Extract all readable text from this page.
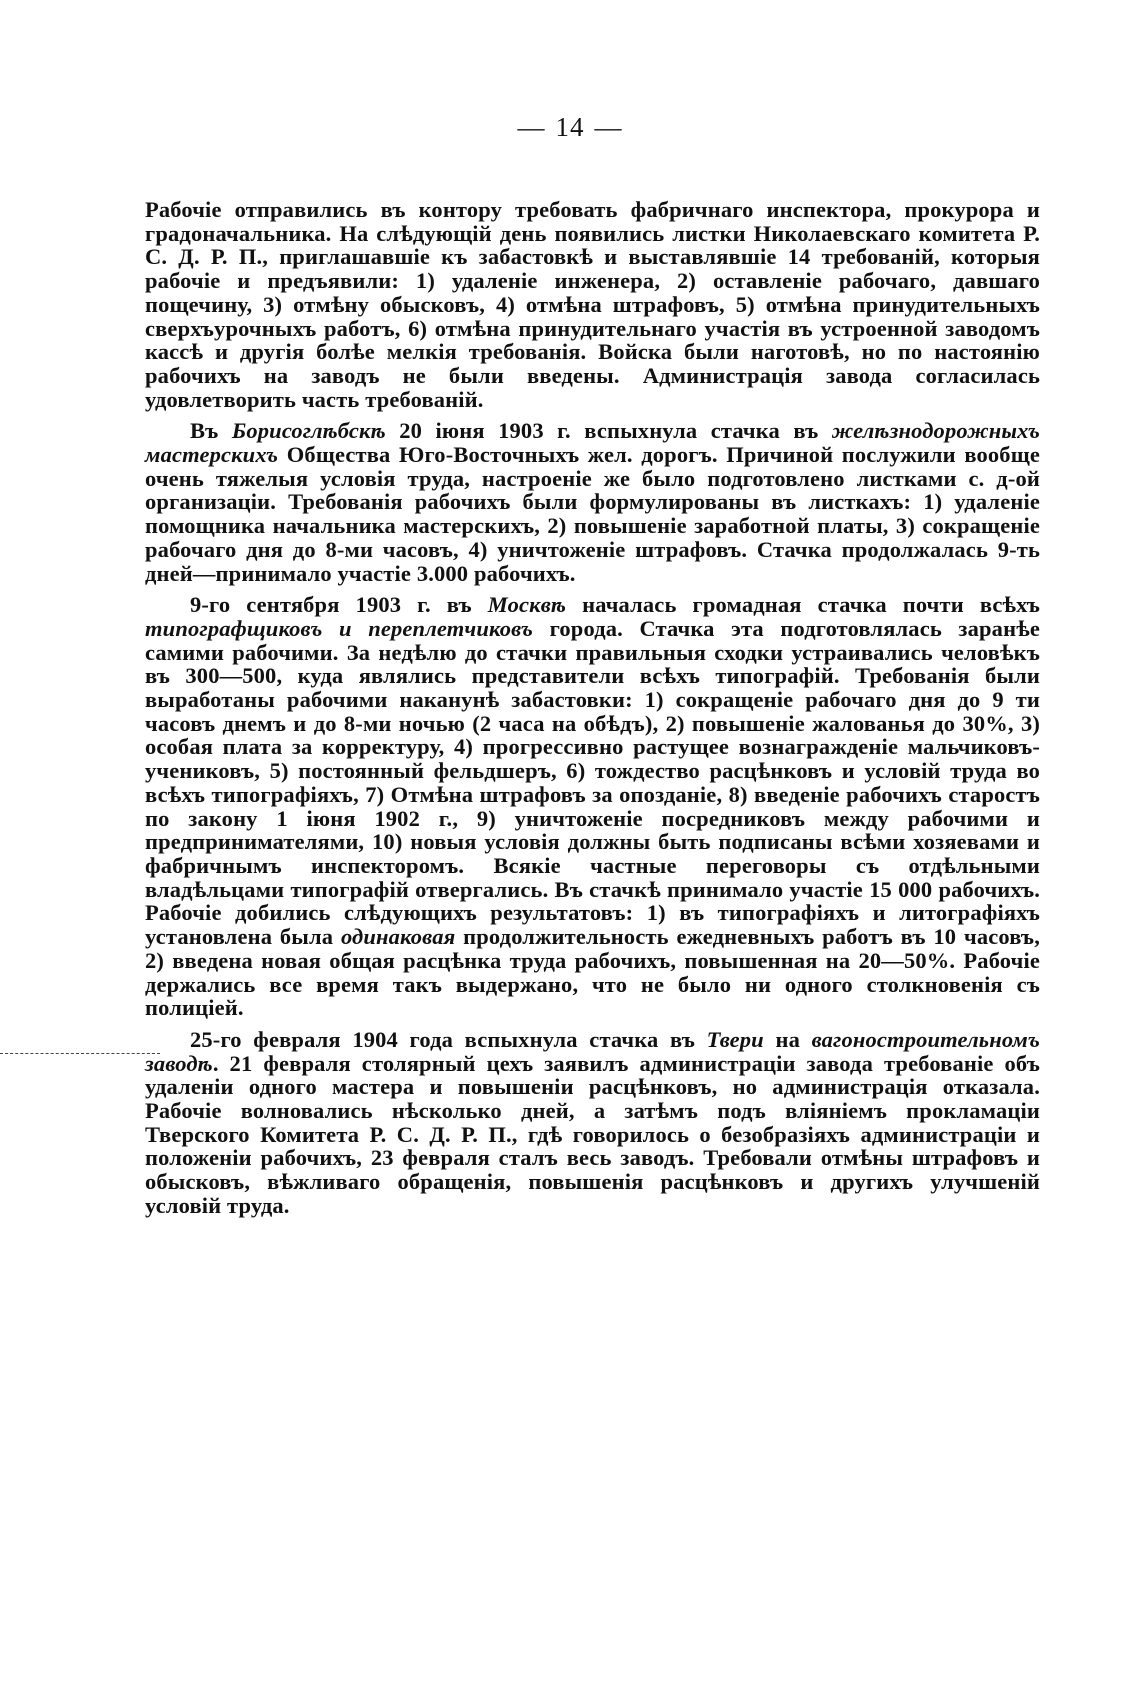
— 14 —

Рабочіе отправились въ контору требовать фабричнаго инспектора, прокурора и градоначальника. На слѣдующій день появились листки Николаевскаго комитета Р. С. Д. Р. П., приглашавшіе къ забастовкѣ и выставлявшіе 14 требованій, которыя рабочіе и предъявили: 1) удаленіе инженера, 2) оставленіе рабочаго, давшаго пощечину, 3) отмѣну обысковъ, 4) отмѣна штрафовъ, 5) отмѣна принудительныхъ сверхъурочныхъ работъ, 6) отмѣна принудительнаго участія въ устроенной заводомъ кассѣ и другія болѣе мелкія требованія. Войска были наготовѣ, но по настоянію рабочихъ на заводъ не были введены. Администрація завода согласилась удовлетворить часть требованій.

Въ Борисоглѣбскѣ 20 іюня 1903 г. вспыхнула стачка въ желѣзнодорожныхъ мастерскихъ Общества Юго-Восточныхъ жел. дорогъ. Причиной послужили вообще очень тяжелыя условія труда, настроеніе же было подготовлено листками с. д-ой организаціи. Требованія рабочихъ были формулированы въ листкахъ: 1) удаленіе помощника начальника мастерскихъ, 2) повышеніе заработной платы, 3) сокращеніе рабочаго дня до 8-ми часовъ, 4) уничтоженіе штрафовъ. Стачка продолжалась 9-ть дней—принимало участіе 3.000 рабочихъ.

9-го сентября 1903 г. въ Москвѣ началась громадная стачка почти всѣхъ типографщиковъ и переплетчиковъ города. Стачка эта подготовлялась заранѣе самими рабочими. За недѣлю до стачки правильныя сходки устраивались человѣкъ въ 300—500, куда являлись представители всѣхъ типографій. Требованія были выработаны рабочими наканунѣ забастовки: 1) сокращеніе рабочаго дня до 9 ти часовъ днемъ и до 8-ми ночью (2 часа на обѣдъ), 2) повышеніе жалованья до 30%, 3) особая плата за корректуру, 4) прогрессивно растущее вознагражденіе мальчиковъ-учениковъ, 5) постоянный фельдшеръ, 6) тождество расцѣнковъ и условій труда во всѣхъ типографіяхъ, 7) Отмѣна штрафовъ за опозданіе, 8) введеніе рабочихъ старостъ по закону 1 іюня 1902 г., 9) уничтоженіе посредниковъ между рабочими и предпринимателями, 10) новыя условія должны быть подписаны всѣми хозяевами и фабричнымъ инспекторомъ. Всякіе частные переговоры съ отдѣльными владѣльцами типографій отвергались. Въ стачкѣ принимало участіе 15 000 рабочихъ. Рабочіе добились слѣдующихъ результатовъ: 1) въ типографіяхъ и литографіяхъ установлена была одинаковая продолжительность ежедневныхъ работъ въ 10 часовъ, 2) введена новая общая расцѣнка труда рабочихъ, повышенная на 20—50%. Рабочіе держались все время такъ выдержано, что не было ни одного столкновенія съ полиціей.

25-го февраля 1904 года вспыхнула стачка въ Твери на вагоностроительномъ заводѣ. 21 февраля столярный цехъ заявилъ администраціи завода требованіе объ удаленіи одного мастера и повышеніи расцѣнковъ, но администрація отказала. Рабочіе волновались нѣсколько дней, а затѣмъ подъ вліяніемъ прокламаціи Тверского Комитета Р. С. Д. Р. П., гдѣ говорилось о безобразіяхъ администраціи и положеніи рабочихъ, 23 февраля сталъ весь заводъ. Требовали отмѣны штрафовъ и обысковъ, вѣжливаго обращенія, повышенія расцѣнковъ и другихъ улучшеній условій труда.
